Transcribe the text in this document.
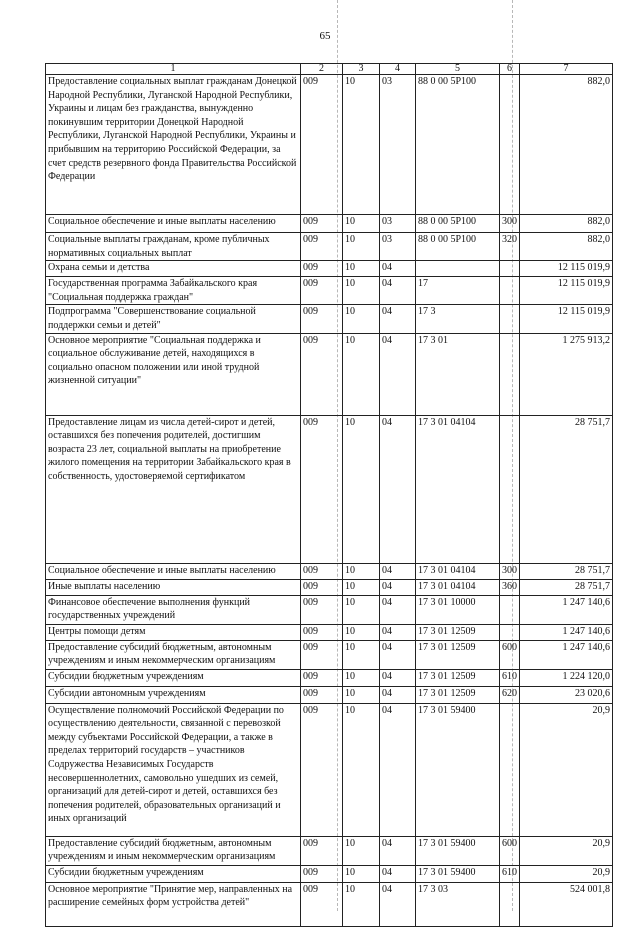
65
1	2	3	4	5	6	7
Предоставление социальных выплат гражданам Донецкой Народной Республики, Луганской Народной Республики, Украины и лицам без гражданства, вынужденно покинувшим территории Донецкой Народной Республики, Луганской Народной Республики, Украины и прибывшим на территорию Российской Федерации, за счет средств резервного фонда Правительства Российской Федерации	009	10	03	88 0 00 5Р100		882,0
Социальное обеспечение и иные выплаты населению	009	10	03	88 0 00 5Р100	300	882,0
Социальные выплаты гражданам, кроме публичных нормативных социальных выплат	009	10	03	88 0 00 5Р100	320	882,0
Охрана семьи и детства	009	10	04			12 115 019,9
Государственная программа Забайкальского края "Социальная поддержка граждан"	009	10	04	17		12 115 019,9
Подпрограмма "Совершенствование социальной поддержки семьи и детей"	009	10	04	17 3		12 115 019,9
Основное мероприятие "Социальная поддержка и социальное обслуживание детей, находящихся в социально опасном положении или иной трудной жизненной ситуации"	009	10	04	17 3 01		1 275 913,2
Предоставление лицам из числа детей-сирот и детей, оставшихся без попечения родителей, достигшим возраста 23 лет, социальной выплаты на приобретение жилого помещения на территории Забайкальского края в собственность, удостоверяемой сертификатом	009	10	04	17 3 01 04104		28 751,7
Социальное обеспечение и иные выплаты населению	009	10	04	17 3 01 04104	300	28 751,7
Иные выплаты населению	009	10	04	17 3 01 04104	360	28 751,7
Финансовое обеспечение выполнения функций государственных учреждений	009	10	04	17 3 01 10000		1 247 140,6
Центры помощи детям	009	10	04	17 3 01 12509		1 247 140,6
Предоставление субсидий бюджетным, автономным учреждениям и иным некоммерческим организациям	009	10	04	17 3 01 12509	600	1 247 140,6
Субсидии бюджетным учреждениям	009	10	04	17 3 01 12509	610	1 224 120,0
Субсидии автономным учреждениям	009	10	04	17 3 01 12509	620	23 020,6
Осуществление полномочий Российской Федерации по осуществлению деятельности, связанной с перевозкой между субъектами Российской Федерации, а также в пределах территорий государств – участников Содружества Независимых Государств несовершеннолетних, самовольно ушедших из семей, организаций для детей-сирот и детей, оставшихся без попечения родителей, образовательных организаций и иных организаций	009	10	04	17 3 01 59400		20,9
Предоставление субсидий бюджетным, автономным учреждениям и иным некоммерческим организациям	009	10	04	17 3 01 59400	600	20,9
Субсидии бюджетным учреждениям	009	10	04	17 3 01 59400	610	20,9
Основное мероприятие "Принятие мер, направленных на расширение семейных форм устройства детей"	009	10	04	17 3 03		524 001,8
